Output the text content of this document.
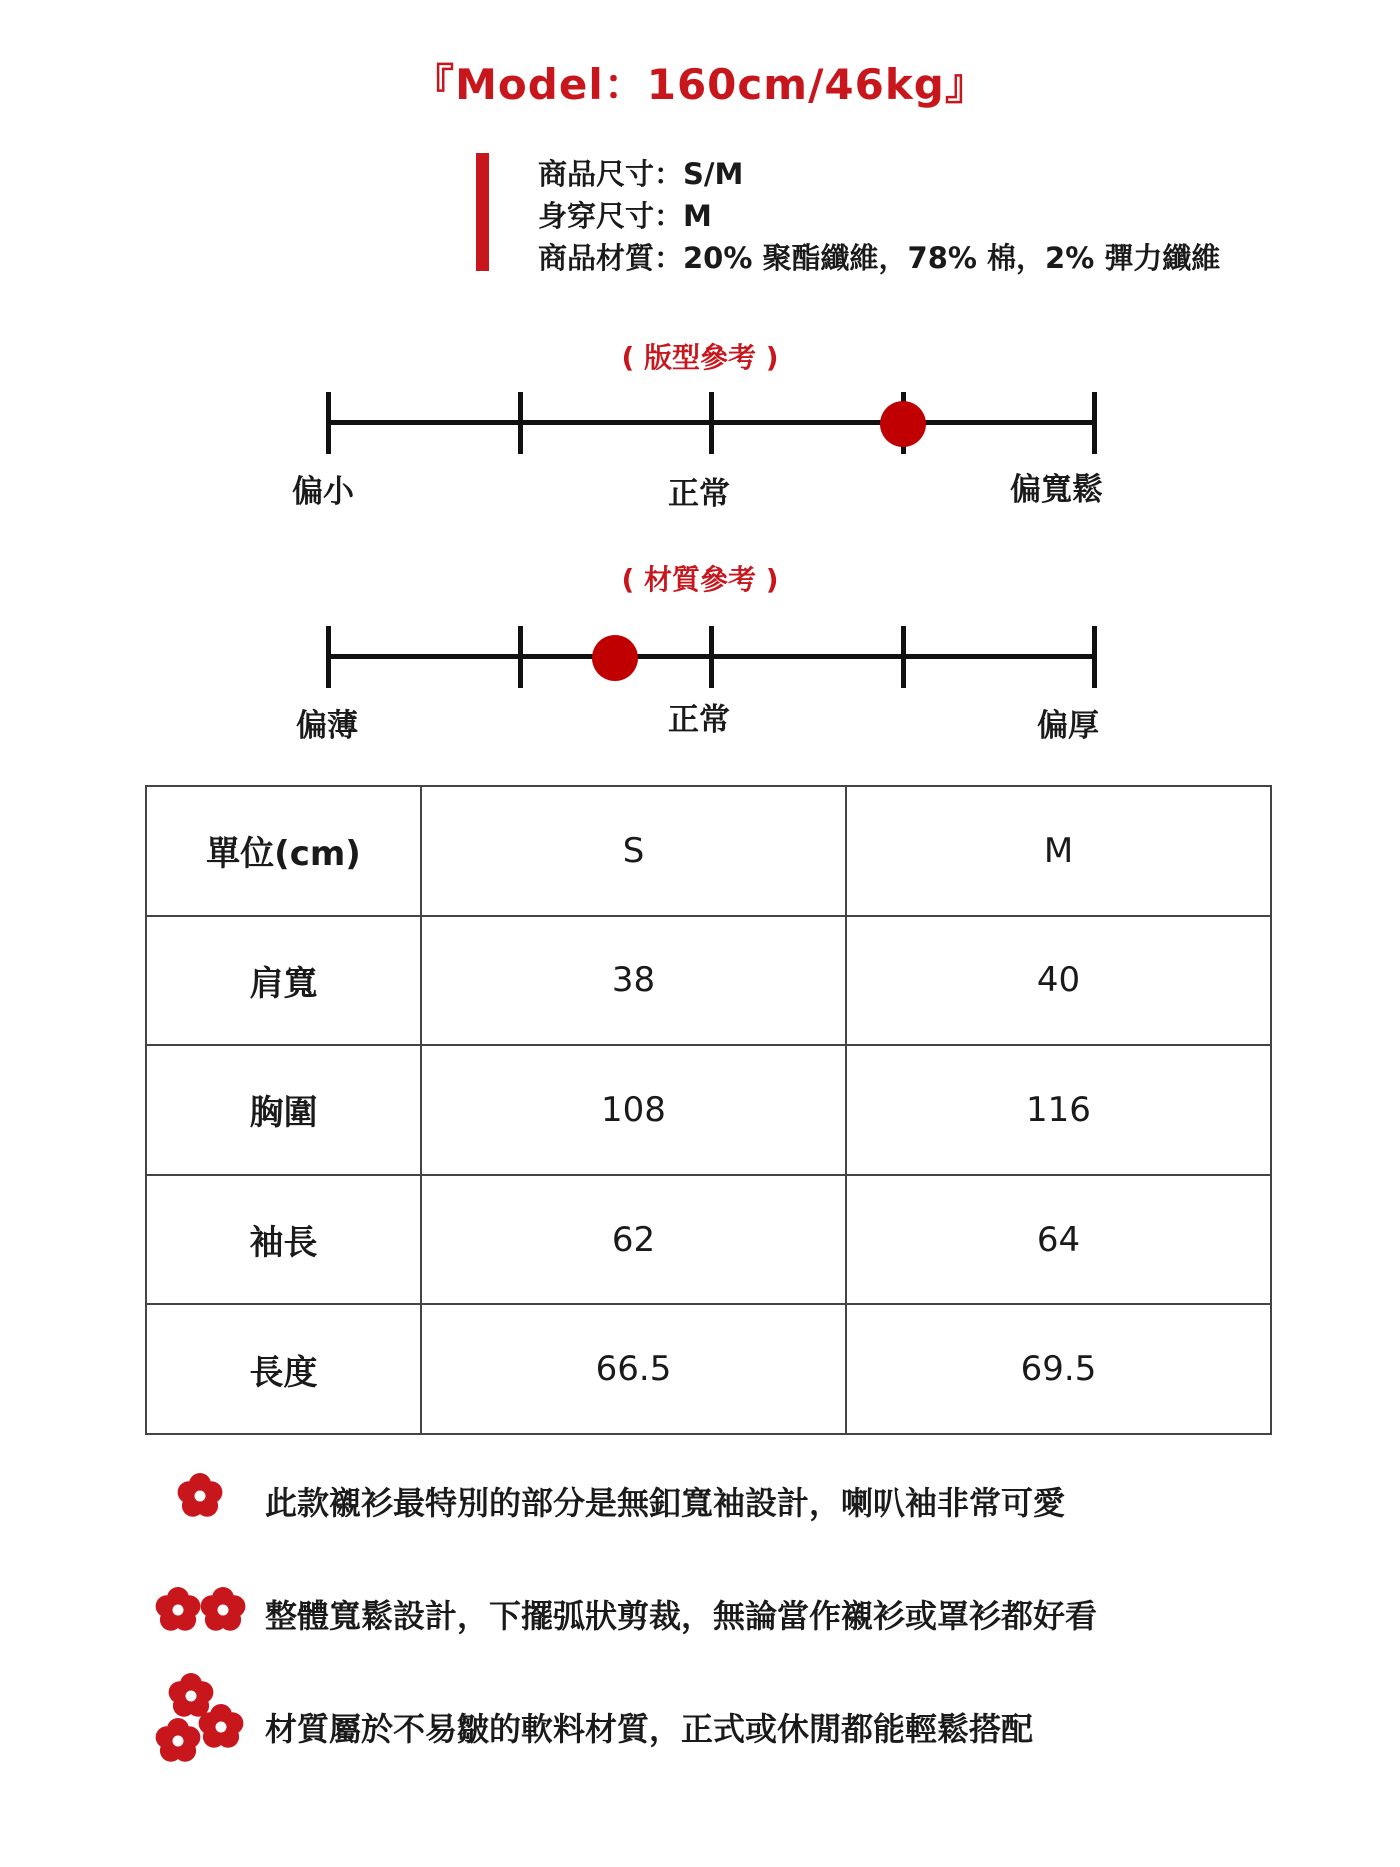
『Model：160cm/46kg』
商品尺寸：S/M
身穿尺寸：M
商品材質：20% 聚酯纖維，78% 棉，2% 彈力纖維
( 版型參考 )
偏小	正常	偏寬鬆
( 材質參考 )
偏薄	正常	偏厚
單位(cm)	S	M
肩寬	38	40
胸圍	108	116
袖長	62	64
長度	66.5	69.5
此款襯衫最特別的部分是無釦寬袖設計，喇叭袖非常可愛
整體寬鬆設計，下擺弧狀剪裁，無論當作襯衫或罩衫都好看
材質屬於不易皺的軟料材質，正式或休閒都能輕鬆搭配
